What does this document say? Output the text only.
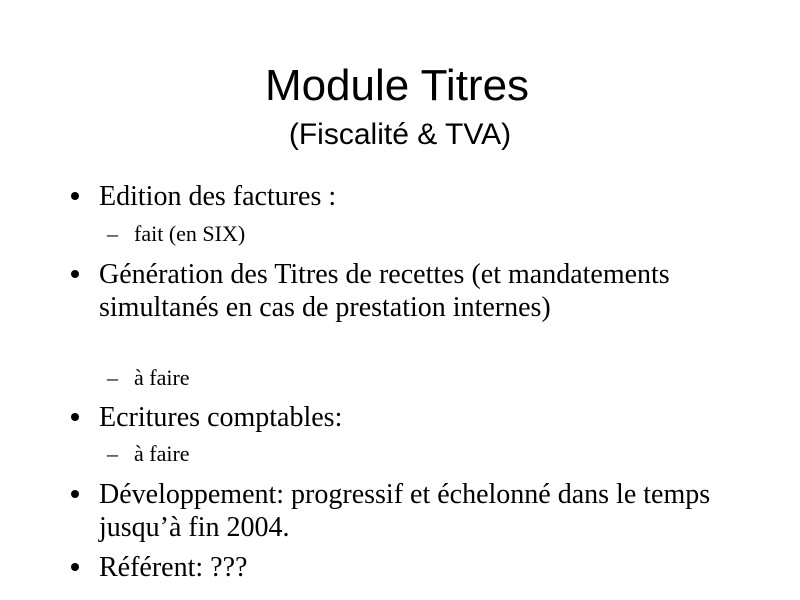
Module Titres
(Fiscalité & TVA)
Edition des factures :
– fait (en SIX)
Génération des Titres de recettes (et mandatements simultanés en cas de prestation internes)
– à faire
Ecritures comptables:
– à faire
Développement: progressif et échelonné dans le temps jusqu’à fin 2004.
Référent: ???
